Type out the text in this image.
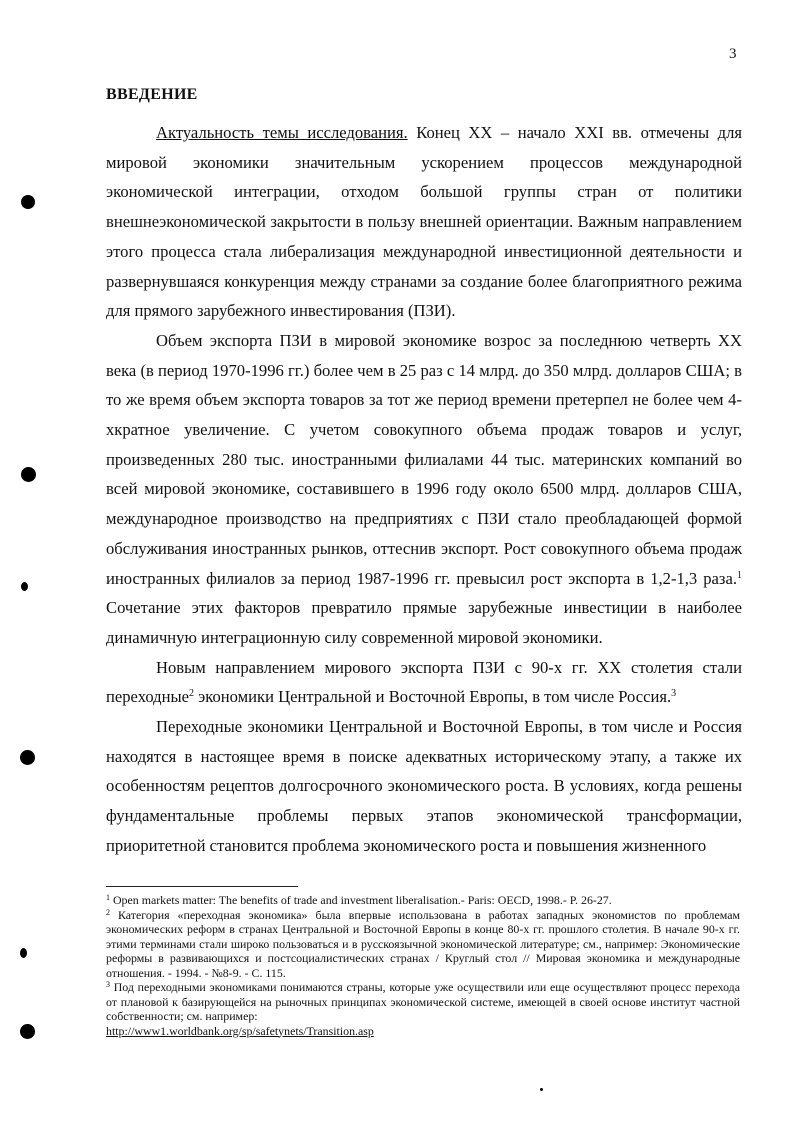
3
ВВЕДЕНИЕ

Актуальность темы исследования. Конец XX – начало XXI вв. отмечены для мировой экономики значительным ускорением процессов международной экономической интеграции, отходом большой группы стран от политики внешнеэкономической закрытости в пользу внешней ориентации. Важным направлением этого процесса стала либерализация международной инвестиционной деятельности и развернувшаяся конкуренция между странами за создание более благоприятного режима для прямого зарубежного инвестирования (ПЗИ).

Объем экспорта ПЗИ в мировой экономике возрос за последнюю четверть XX века (в период 1970-1996 гг.) более чем в 25 раз с 14 млрд. до 350 млрд. долларов США; в то же время объем экспорта товаров за тот же период времени претерпел не более чем 4-хкратное увеличение. С учетом совокупного объема продаж товаров и услуг, произведенных 280 тыс. иностранными филиалами 44 тыс. материнских компаний во всей мировой экономике, составившего в 1996 году около 6500 млрд. долларов США, международное производство на предприятиях с ПЗИ стало преобладающей формой обслуживания иностранных рынков, оттеснив экспорт. Рост совокупного объема продаж иностранных филиалов за период 1987-1996 гг. превысил рост экспорта в 1,2-1,3 раза.$^1$ Сочетание этих факторов превратило прямые зарубежные инвестиции в наиболее динамичную интеграционную силу современной мировой экономики.

Новым направлением мирового экспорта ПЗИ с 90-х гг. XX столетия стали переходные$^2$ экономики Центральной и Восточной Европы, в том числе Россия.$^3$

Переходные экономики Центральной и Восточной Европы, в том числе и Россия находятся в настоящее время в поиске адекватных историческому этапу, а также их особенностям рецептов долгосрочного экономического роста. В условиях, когда решены фундаментальные проблемы первых этапов экономической трансформации, приоритетной становится проблема экономического роста и повышения жизненного

$^1$ Open markets matter: The benefits of trade and investment liberalisation.- Paris: OECD, 1998.- P. 26-27.

$^2$ Категория «переходная экономика» была впервые использована в работах западных экономистов по проблемам экономических реформ в странах Центральной и Восточной Европы в конце 80-х гг. прошлого столетия. В начале 90-х гг. этими терминами стали широко пользоваться и в русскоязычной экономической литературе; см., например: Экономические реформы в развивающихся и постсоциалистических странах / Круглый стол // Мировая экономика и международные отношения. - 1994. - №8-9. - С. 115.

$^3$ Под переходными экономиками понимаются страны, которые уже осуществили или еще осуществляют процесс перехода от плановой к базирующейся на рыночных принципах экономической системе, имеющей в своей основе институт частной собственности; см. например:
http://www1.worldbank.org/sp/safetynets/Transition.asp
